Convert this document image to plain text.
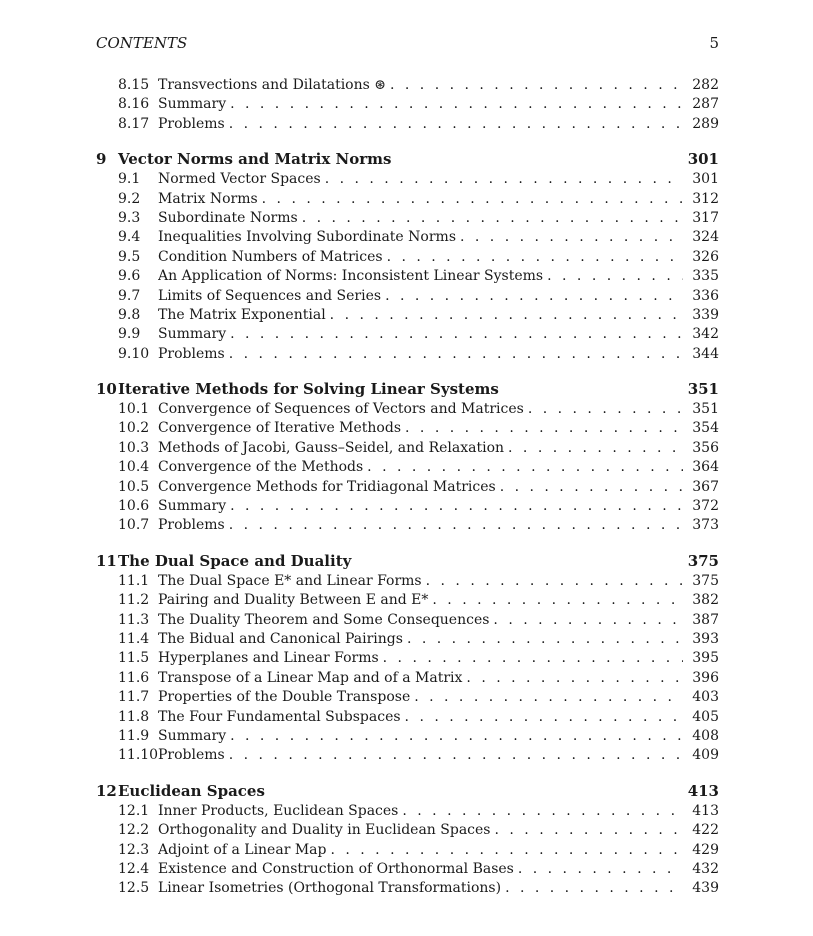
CONTENTS	5
8.15 Transvections and Dilatations ⊛ . . .	282
8.16 Summary . . .	287
8.17 Problems . . .	289
9 Vector Norms and Matrix Norms	301
9.1 Normed Vector Spaces . . .	301
9.2 Matrix Norms . . .	312
9.3 Subordinate Norms . . .	317
9.4 Inequalities Involving Subordinate Norms . . .	324
9.5 Condition Numbers of Matrices . . .	326
9.6 An Application of Norms: Inconsistent Linear Systems . . .	335
9.7 Limits of Sequences and Series . . .	336
9.8 The Matrix Exponential . . .	339
9.9 Summary . . .	342
9.10 Problems . . .	344
10 Iterative Methods for Solving Linear Systems	351
10.1 Convergence of Sequences of Vectors and Matrices . . .	351
10.2 Convergence of Iterative Methods . . .	354
10.3 Methods of Jacobi, Gauss–Seidel, and Relaxation . . .	356
10.4 Convergence of the Methods . . .	364
10.5 Convergence Methods for Tridiagonal Matrices . . .	367
10.6 Summary . . .	372
10.7 Problems . . .	373
11 The Dual Space and Duality	375
11.1 The Dual Space E* and Linear Forms . . .	375
11.2 Pairing and Duality Between E and E* . . .	382
11.3 The Duality Theorem and Some Consequences . . .	387
11.4 The Bidual and Canonical Pairings . . .	393
11.5 Hyperplanes and Linear Forms . . .	395
11.6 Transpose of a Linear Map and of a Matrix . . .	396
11.7 Properties of the Double Transpose . . .	403
11.8 The Four Fundamental Subspaces . . .	405
11.9 Summary . . .	408
11.10 Problems . . .	409
12 Euclidean Spaces	413
12.1 Inner Products, Euclidean Spaces . . .	413
12.2 Orthogonality and Duality in Euclidean Spaces . . .	422
12.3 Adjoint of a Linear Map . . .	429
12.4 Existence and Construction of Orthonormal Bases . . .	432
12.5 Linear Isometries (Orthogonal Transformations) . . .	439
